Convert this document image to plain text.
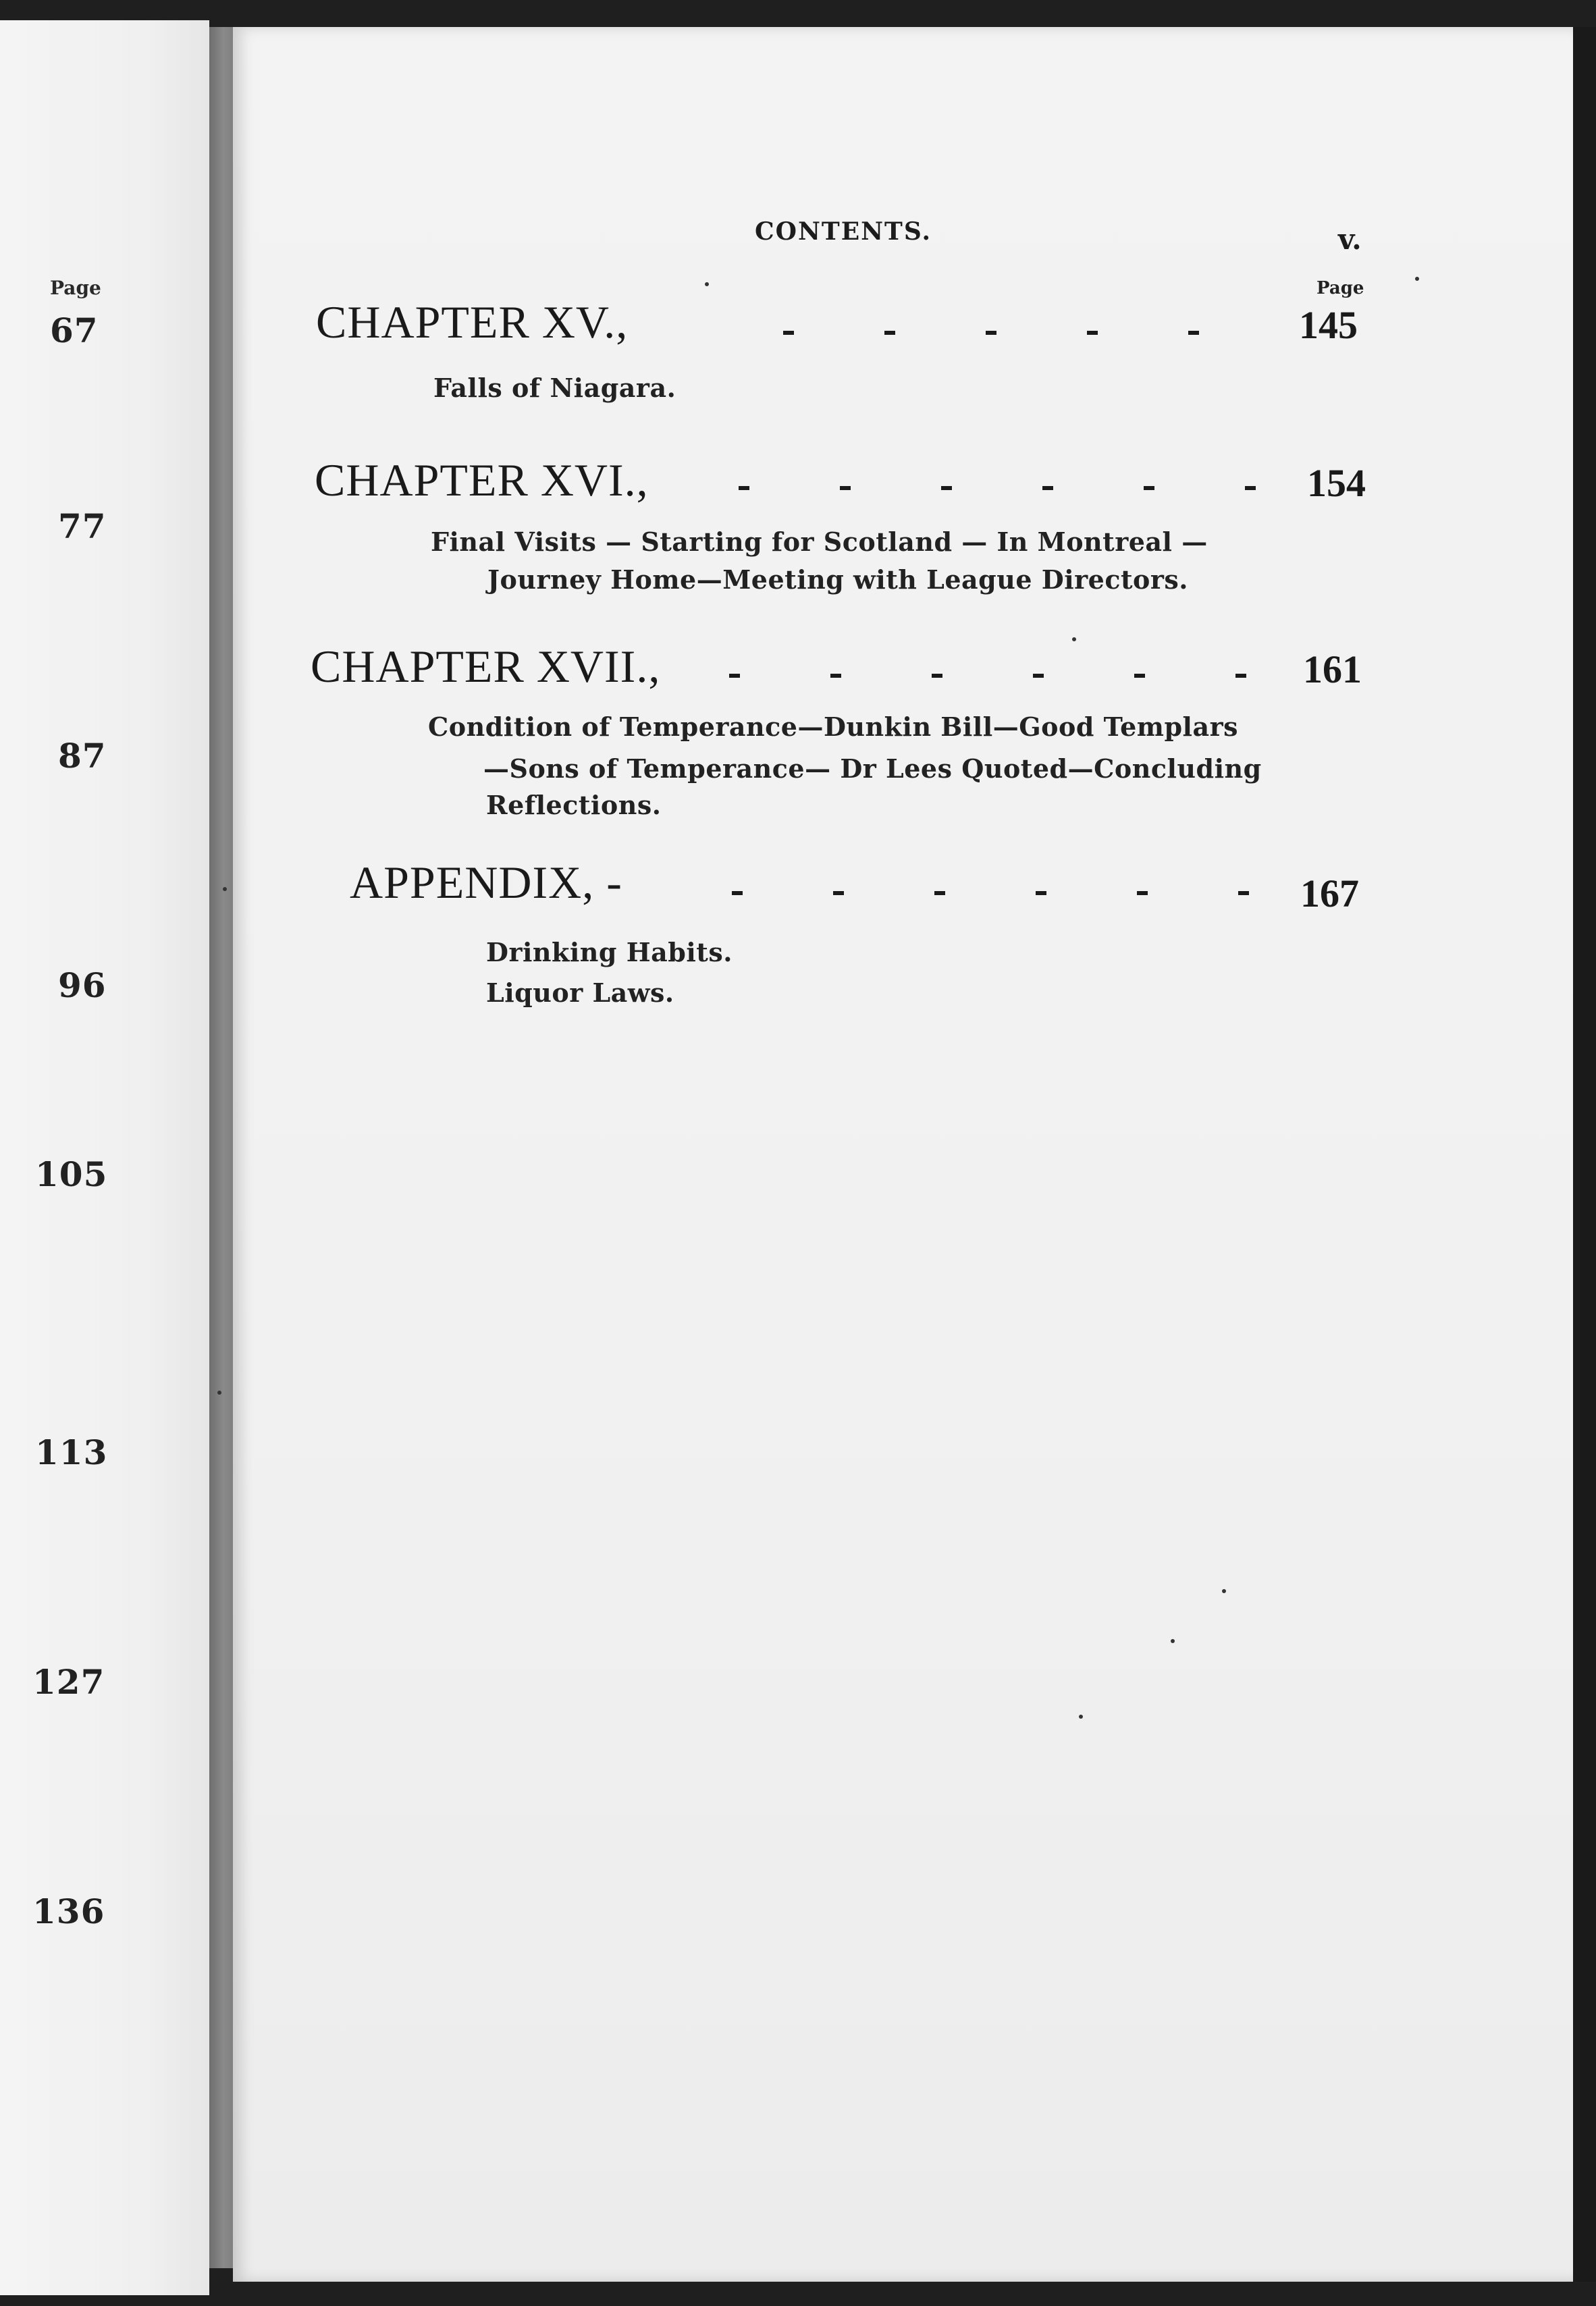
Page
67
77
87
96
105
113
127
136
CONTENTS.	v.
Page
CHAPTER XV.,	145
Falls of Niagara.
CHAPTER XVI.,	154
Final Visits — Starting for Scotland — In Montreal —
Journey Home—Meeting with League Directors.
CHAPTER XVII.,	161
Condition of Temperance—Dunkin Bill—Good Templars
—Sons of Temperance— Dr Lees Quoted—Concluding
Reflections.
APPENDIX, -	167
Drinking Habits.
Liquor Laws.
